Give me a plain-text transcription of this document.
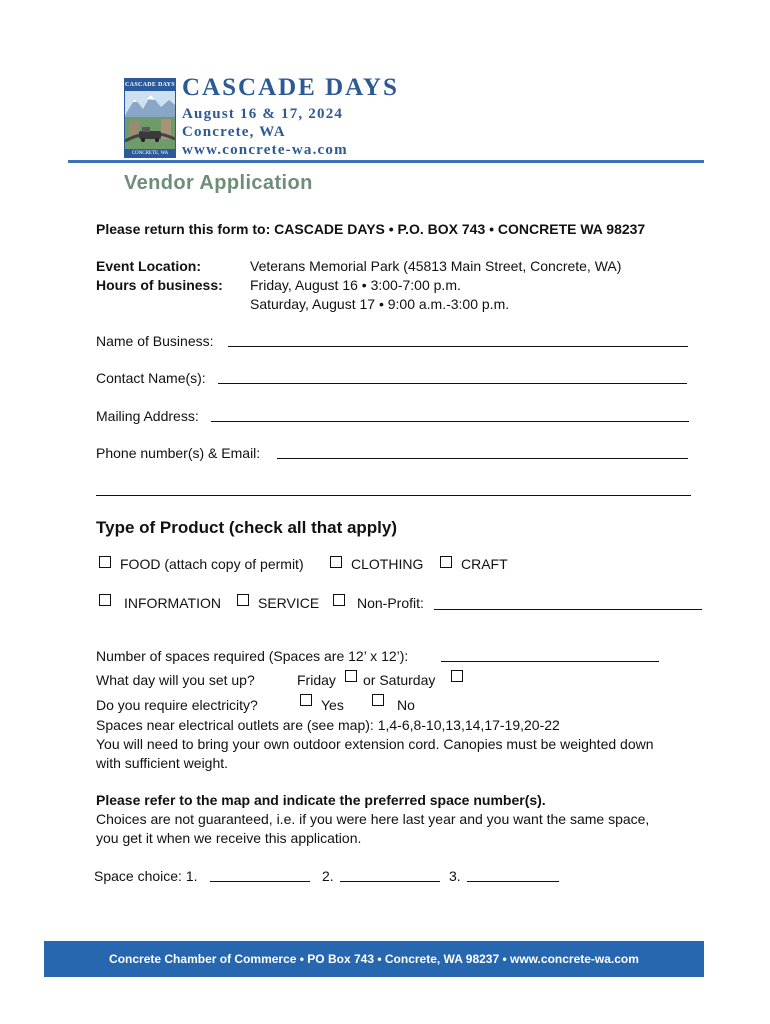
CASCADE DAYS
CONCRETE, WA
CASCADE DAYS
August 16 & 17, 2024
Concrete, WA
www.concrete-wa.com
Vendor Application
Please return this form to: CASCADE DAYS • P.O. BOX 743 • CONCRETE WA 98237
Event Location:	Veterans Memorial Park (45813 Main Street, Concrete, WA)
Hours of business: Friday, August 16 • 3:00-7:00 p.m.
Saturday, August 17 • 9:00 a.m.-3:00 p.m.
Name of Business:
Contact Name(s):
Mailing Address:
Phone number(s) & Email:
Type of Product (check all that apply)
FOOD (attach copy of permit)	CLOTHING	CRAFT
INFORMATION	SERVICE	Non-Profit:
Number of spaces required (Spaces are 12’ x 12’):
What day will you set up?	Friday or Saturday
Do you require electricity?	Yes	No
Spaces near electrical outlets are (see map): 1,4-6,8-10,13,14,17-19,20-22
You will need to bring your own outdoor extension cord. Canopies must be weighted down
with sufficient weight.
Please refer to the map and indicate the preferred space number(s).
Choices are not guaranteed, i.e. if you were here last year and you want the same space,
you get it when we receive this application.
Space choice: 1.	2.	3.
Concrete Chamber of Commerce • PO Box 743 • Concrete, WA 98237 • www.concrete-wa.com
